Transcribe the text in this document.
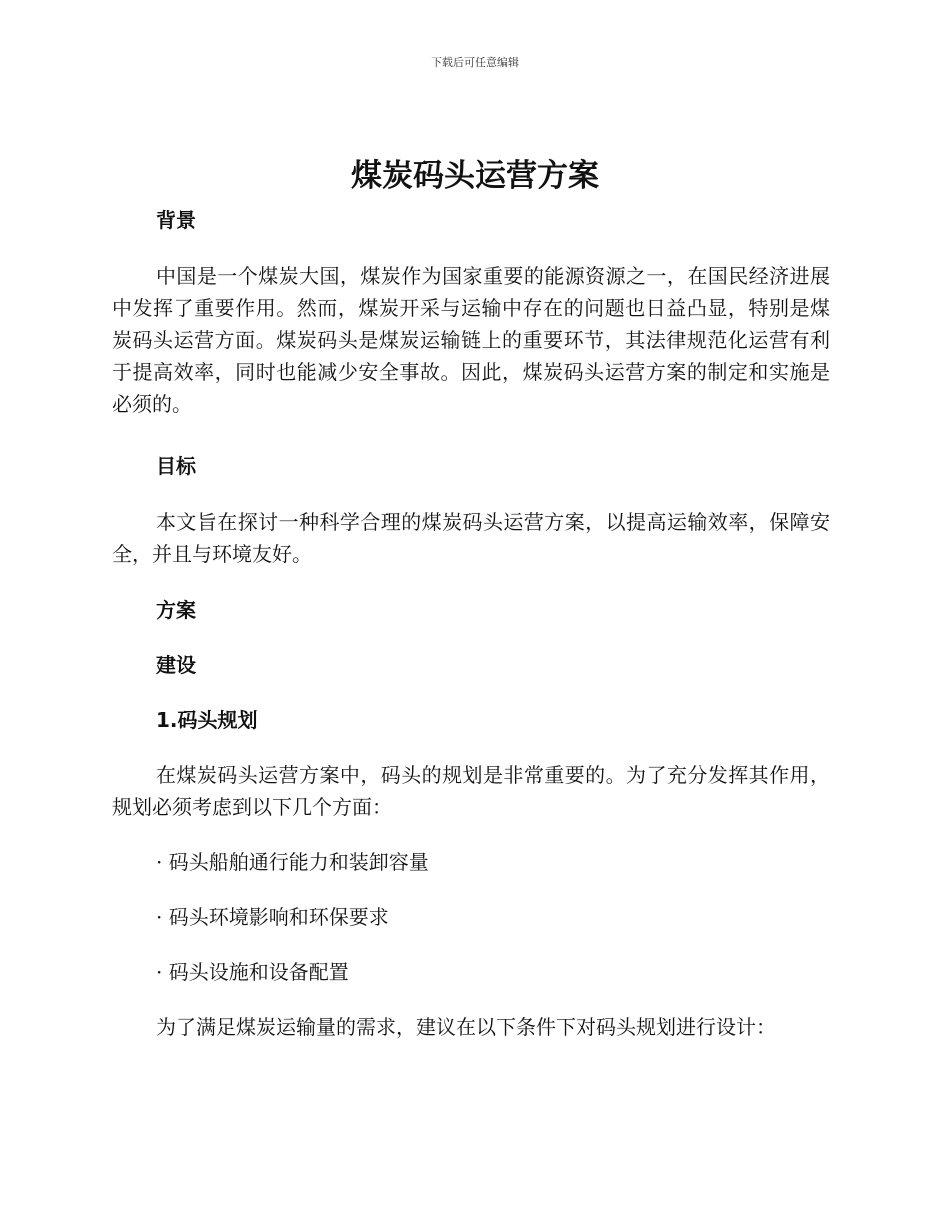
下载后可任意编辑
煤炭码头运营方案

背景

中国是一个煤炭大国，煤炭作为国家重要的能源资源之一，在国民经济进展中发挥了重要作用。然而，煤炭开采与运输中存在的问题也日益凸显，特别是煤炭码头运营方面。煤炭码头是煤炭运输链上的重要环节，其法律规范化运营有利于提高效率，同时也能减少安全事故。因此，煤炭码头运营方案的制定和实施是必须的。

目标

本文旨在探讨一种科学合理的煤炭码头运营方案，以提高运输效率，保障安全，并且与环境友好。

方案

建设

1.码头规划

在煤炭码头运营方案中，码头的规划是非常重要的。为了充分发挥其作用，规划必须考虑到以下几个方面：

· 码头船舶通行能力和装卸容量

· 码头环境影响和环保要求

· 码头设施和设备配置

为了满足煤炭运输量的需求，建议在以下条件下对码头规划进行设计：
